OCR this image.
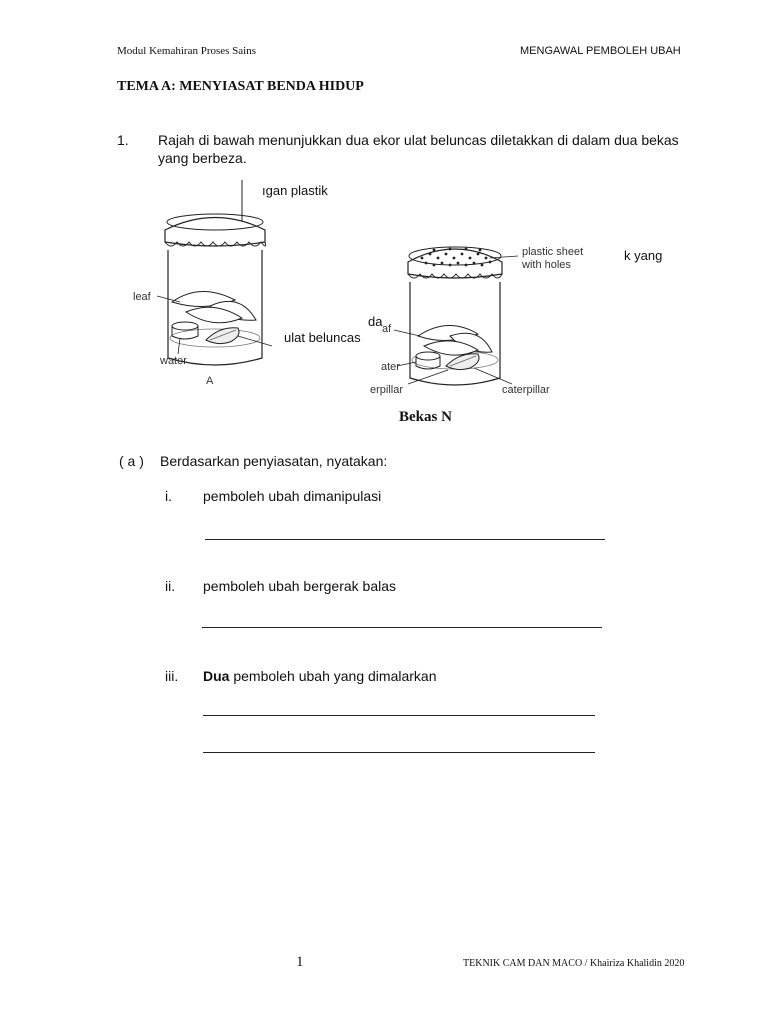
Modul Kemahiran Proses Sains	MENGAWAL PEMBOLEH UBAH
TEMA A: MENYIASAT BENDA HIDUP
1. Rajah di bawah menunjukkan dua ekor ulat beluncas diletakkan di dalam dua bekas
yang berbeza.
leaf
water
A
plastic sheet
with holes
af
ater
erpillar	caterpillar
ıgan plastik
k yang
da
ulat beluncas
Bekas N
( a ) Berdasarkan penyiasatan, nyatakan:
i. pemboleh ubah dimanipulasi
ii. pemboleh ubah bergerak balas
iii. Dua pemboleh ubah yang dimalarkan
1	TEKNIK CAM DAN MACO / Khairiza Khalidin 2020
